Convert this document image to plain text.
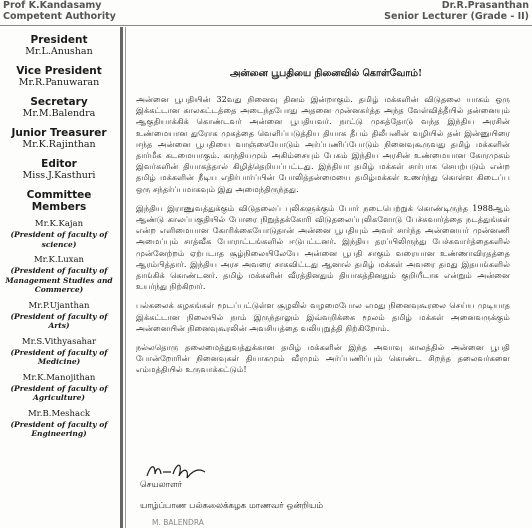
Prof K.Kandasamy
Competent Authority
Dr.R.Prasanthan
Senior Lecturer (Grade - II)
President
Mr.L.Anushan
Vice President
Mr.R.Panuwaran
Secretary
Mr.M.Balendra
Junior Treasurer
Mr.K.Rajinthan
Editor
Miss.J.Kasthuri
Committee Members
Mr.K.Kajan
(President of faculty of science)
Mr.K.Luxan
(President of faculty of Management Studies and Commerce)
Mr.P.Ujanthan
(President of faculty of Arts)
Mr.S.Vithyasahar
(President of faculty of Medicine)
Mr.K.Manojithan
(President of faculty of Agriculture)
Mr.B.Meshack
(President of faculty of Engineering)
அன்னை பூபதியை நினைவில் கொள்வோம்!

அன்னை பூபதியின் 32வது நினைவு தினம் இன்றாகும். தமிழ் மக்களின் விடுதலை யாகம் ஒரு இக்கட்டான காலகட்டத்தை அடைந்தபோது அதனை முன்னகர்த்த அந்த வேள்வித்தீயில் தன்னையும் ஆகுதியாக்கிக் கொண்டவர் அன்னை பூபதியவர். நாட்டு முகத்தோடு வந்த இந்திய அரசின் உண்மையான துரோக முகத்தை வெளிப்படுத்திய தியாக தீபம் திலீபனின் வழியில் தன் இன்னுயிரை ஈந்த அன்னை பூபதியை வாஞ்சையோடும் அர்ப்பணிப்போடும் நினைவுகூருவது தமிழ் மக்களின் தார்மீக கடமையாகும். காந்தியமும் அகிம்சையும் பேசும் இந்திய அரசின் உண்மையான கோரமுகம் இவர்களின் தியாகத்தால் கிழித்தெறியப்பட்டது. இந்தியா தமிழ் மக்கள் சார்பாக செயற்படும் என்ற தமிழ் மக்களின் நீடிய எதிர்பார்ப்பின் போலித்தன்மையை தமிழ்மக்கள் உணர்ந்து கொள்ள கிடைப்ப ஒரு சந்தர்ப்பமாகவும் இது அமைந்திருந்தது.

இந்திய இராணுவத்துக்கும் விடுதலைப் புலிகளுக்கும் போர் நடைபெற்றுக் கொண்டிருந்த 1988ஆம் ஆண்டு காலப்பகுதியில் போரை நிறுத்தக்கோரி விடுதலைப்புலிகளோடு பேச்சுவார்த்தை நடத்துங்கள் என்ற எளிமையான கோரிக்கையோடுதான் அன்னை பூபதியும் அவர் சார்ந்த அன்னையர் முன்னணி அமைப்பும் சாத்வீக போராட்டங்களில் ஈடுபட்டனர். இந்திய தரப்பிலிருந்து பேச்சுவார்த்தைகளில் முன்னேற்றம் ஏற்படாத சூழ்நிலையிலேயே அன்னை பூபதி சாகும் வரையான உண்ணாவிரதத்தை ஆரம்பித்தார். இந்திய அரச அவரை சாகவிட்டது ஆனால் தமிழ் மக்கள் அவரை தமது இதயங்களில் தாங்கிக் கொண்டனர். தமிழ் மக்களின் வீரத்தினதும் தியாகத்தினதும் குறியீடாக என்றும் அன்னை உயர்ந்து நிற்கிறார்.

பல்கலைக் கழகங்கள் மூடப்பட்டுள்ள சூழலில் வழமைபோல எமது நினைவுகூரலை செய்ய முடியாத இக்கட்டான நிலையில் நாம் இருந்தாலும் இவ்வறிக்கை மூலம் தமிழ் மக்கள் அனைவருக்கும் அன்னையின் நினைவுகூரலின் அவசியத்தை வலியுறுத்தி நிற்கிறோம்.

நல்லதொரு தலைமைத்துவத்துக்கான தமிழ் மக்களின் இந்த அவாவு காலத்தில் அன்னை பூபதி போன்றோரின் நினைவுகள் தியாகமும் வீரமும் அர்ப்பணிப்பும் கொண்ட சிறந்த தலைவர்களை எம்மத்தியில் உருவாக்கட்டும்!

செயலாளர்
யாழ்ப்பாண பல்கலைக்கழக மாணவர் ஒன்றியம்
M. BALENDRA
